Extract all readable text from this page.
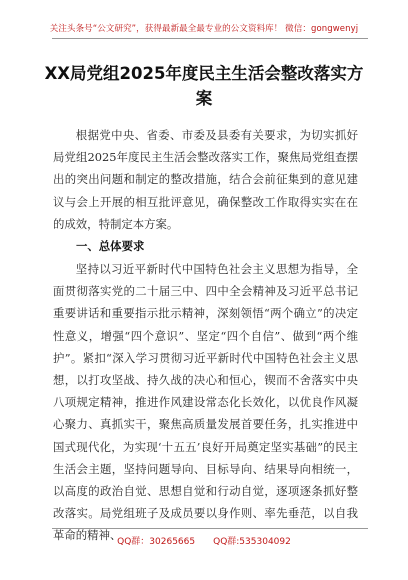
关注头条号“公文研究”，获得最新最全最专业的公文资料库！ 微信：gongwenyj
XX局党组2025年度民主生活会整改落实方案

根据党中央、省委、市委及县委有关要求，为切实抓好局党组2025年度民主生活会整改落实工作，聚焦局党组查摆出的突出问题和制定的整改措施，结合会前征集到的意见建议与会上开展的相互批评意见，确保整改工作取得实实在在的成效，特制定本方案。

一、总体要求

坚持以习近平新时代中国特色社会主义思想为指导，全面贯彻落实党的二十届三中、四中全会精神及习近平总书记重要讲话和重要指示批示精神，深刻领悟“两个确立”的决定性意义，增强“四个意识”、坚定“四个自信”、做到“两个维护”。紧扣“深入学习贯彻习近平新时代中国特色社会主义思想，以打攻坚战、持久战的决心和恒心，锲而不舍落实中央八项规定精神，推进作风建设常态化长效化，以优良作风凝心聚力、真抓实干，聚焦高质量发展首要任务，扎实推进中国式现代化，为实现‘十五五’良好开局奠定坚实基础”的民主生活会主题，坚持问题导向、目标导向、结果导向相统一，以高度的政治自觉、思想自觉和行动自觉，逐项逐条抓好整改落实。局党组班子及成员要以身作则、率先垂范，以自我革命的精神、

QQ群：30265665 QQ群:535304092
